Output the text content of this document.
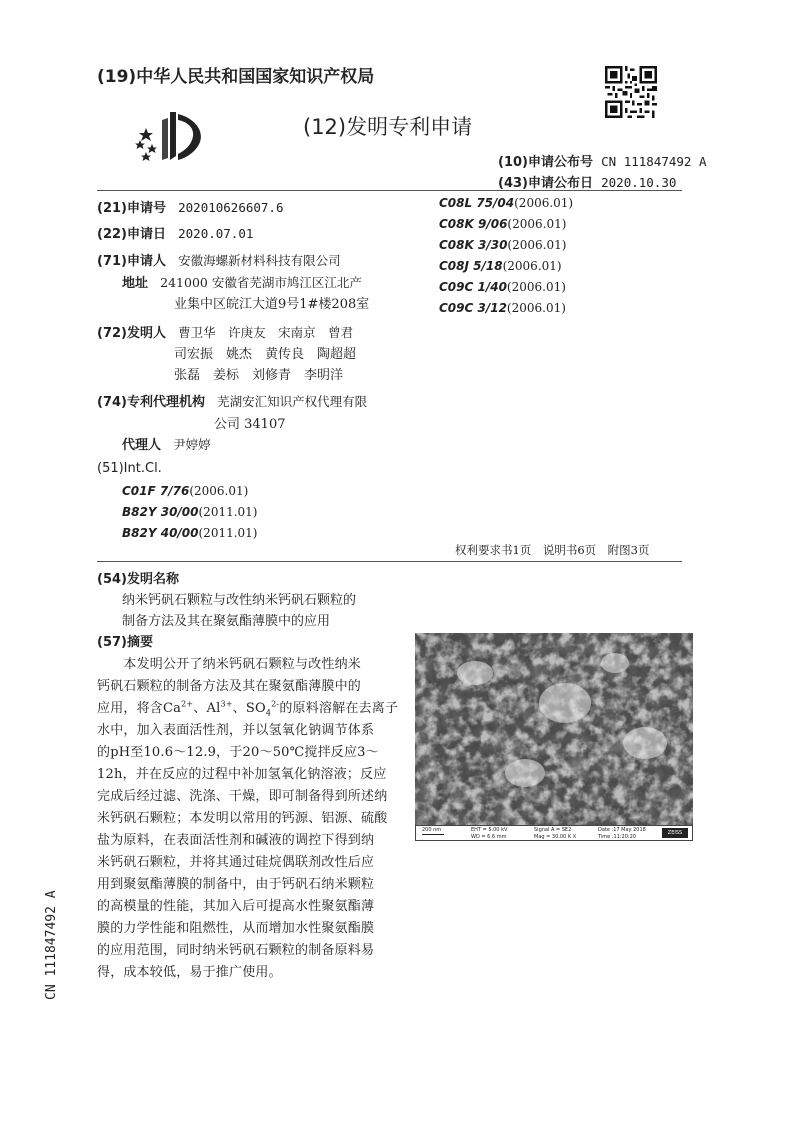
(19)中华人民共和国国家知识产权局
(12)发明专利申请
(10)申请公布号 CN 111847492 A
(43)申请公布日 2020.10.30
(21)申请号 202010626607.6
(22)申请日 2020.07.01
(71)申请人 安徽海螺新材料科技有限公司
地址 241000 安徽省芜湖市鸠江区江北产
业集中区皖江大道9号1#楼208室
(72)发明人 曹卫华　许庚友　宋南京　曾君
司宏振　姚杰　黄传良　陶超超
张磊　姜标　刘修青　李明洋
(74)专利代理机构 芜湖安汇知识产权代理有限
公司 34107
代理人 尹婷婷
(51)Int.Cl.
C01F 7/76(2006.01)
B82Y 30/00(2011.01)
B82Y 40/00(2011.01)
C08L 75/04(2006.01)
C08K 9/06(2006.01)
C08K 3/30(2006.01)
C08J 5/18(2006.01)
C09C 1/40(2006.01)
C09C 3/12(2006.01)
权利要求书1页　说明书6页　附图3页
(54)发明名称
纳米钙矾石颗粒与改性纳米钙矾石颗粒的
制备方法及其在聚氨酯薄膜中的应用
(57)摘要
　　本发明公开了纳米钙矾石颗粒与改性纳米
钙矾石颗粒的制备方法及其在聚氨酯薄膜中的
应用，将含$Ca^{2+}$、$Al^{3+}$、$SO_4^{2-}$的原料溶解在去离子
水中，加入表面活性剂，并以氢氧化钠调节体系
的pH至10.6～12.9，于20～50℃搅拌反应3～
12h，并在反应的过程中补加氢氧化钠溶液；反应
完成后经过滤、洗涤、干燥，即可制备得到所述纳
米钙矾石颗粒；本发明以常用的钙源、铝源、硫酸
盐为原料，在表面活性剂和碱液的调控下得到纳
米钙矾石颗粒，并将其通过硅烷偶联剂改性后应
用到聚氨酯薄膜的制备中，由于钙矾石纳米颗粒
的高模量的性能，其加入后可提高水性聚氨酯薄
膜的力学性能和阻燃性，从而增加水性聚氨酯膜
的应用范围，同时纳米钙矾石颗粒的制备原料易
得，成本较低，易于推广使用。
200 nm	EHT = 5.00 kV
WD = 6.6 mm
Signal A = SE2
Mag = 30.00 K X
Date :17 May 2018
Time :11:20:20
ZEISS
CN 111847492 A
